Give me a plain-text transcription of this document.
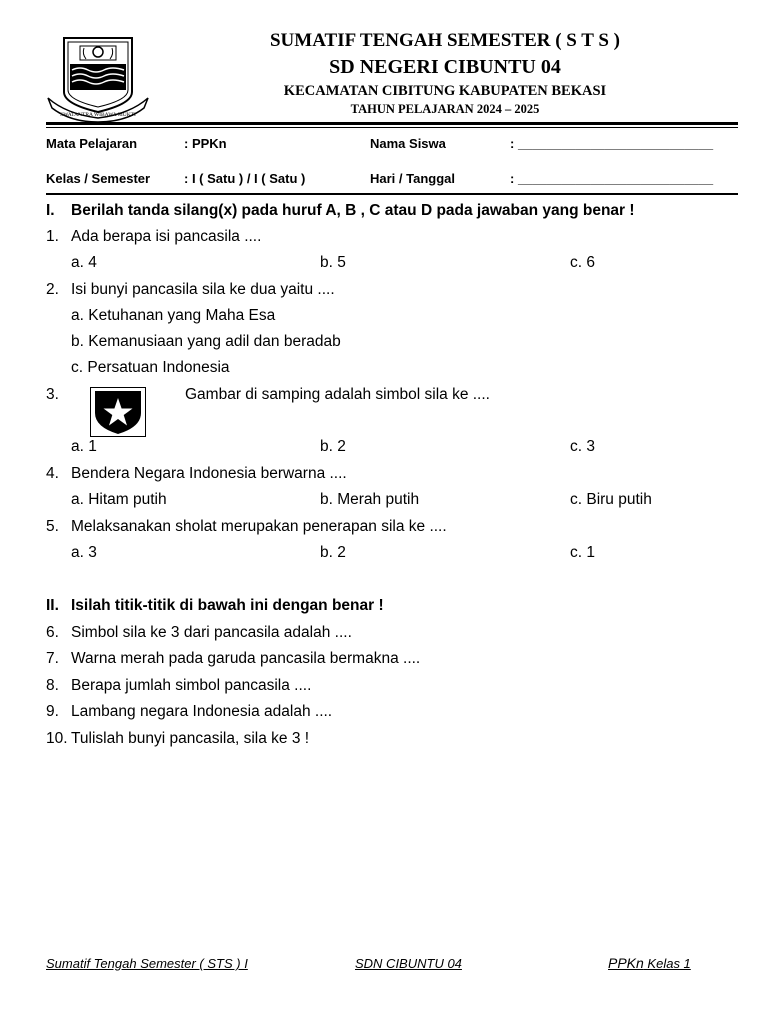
SWATANTRA WIBAWA MUKTI
SUMATIF TENGAH SEMESTER ( S T S )
SD NEGERI CIBUNTU 04
KECAMATAN CIBITUNG KABUPATEN BEKASI
TAHUN PELAJARAN 2024 – 2025
Mata Pelajaran	: PPKn	Nama Siswa	: ___________________________
Kelas / Semester	: I ( Satu ) / I ( Satu )	Hari / Tanggal	: ___________________________
I. Berilah tanda silang(x) pada huruf A, B , C atau D pada jawaban yang benar !
1. Ada berapa isi pancasila ....
a. 4	b. 5	c. 6
2. Isi bunyi pancasila sila ke dua yaitu ....
a. Ketuhanan yang Maha Esa
b. Kemanusiaan yang adil dan beradab
c. Persatuan Indonesia
3.	Gambar di samping adalah simbol sila ke ....
a. 1	b. 2	c. 3
4. Bendera Negara Indonesia berwarna ....
a. Hitam putih	b. Merah putih	c. Biru putih
5. Melaksanakan sholat merupakan penerapan sila ke ....
a. 3	b. 2	c. 1
II. Isilah titik-titik di bawah ini dengan benar !
6. Simbol sila ke 3 dari pancasila adalah ....
7. Warna merah pada garuda pancasila bermakna ....
8. Berapa jumlah simbol pancasila ....
9. Lambang negara Indonesia adalah ....
10. Tulislah bunyi pancasila, sila ke 3 !
Sumatif Tengah Semester ( STS ) I	SDN CIBUNTU 04	PPKn Kelas 1
